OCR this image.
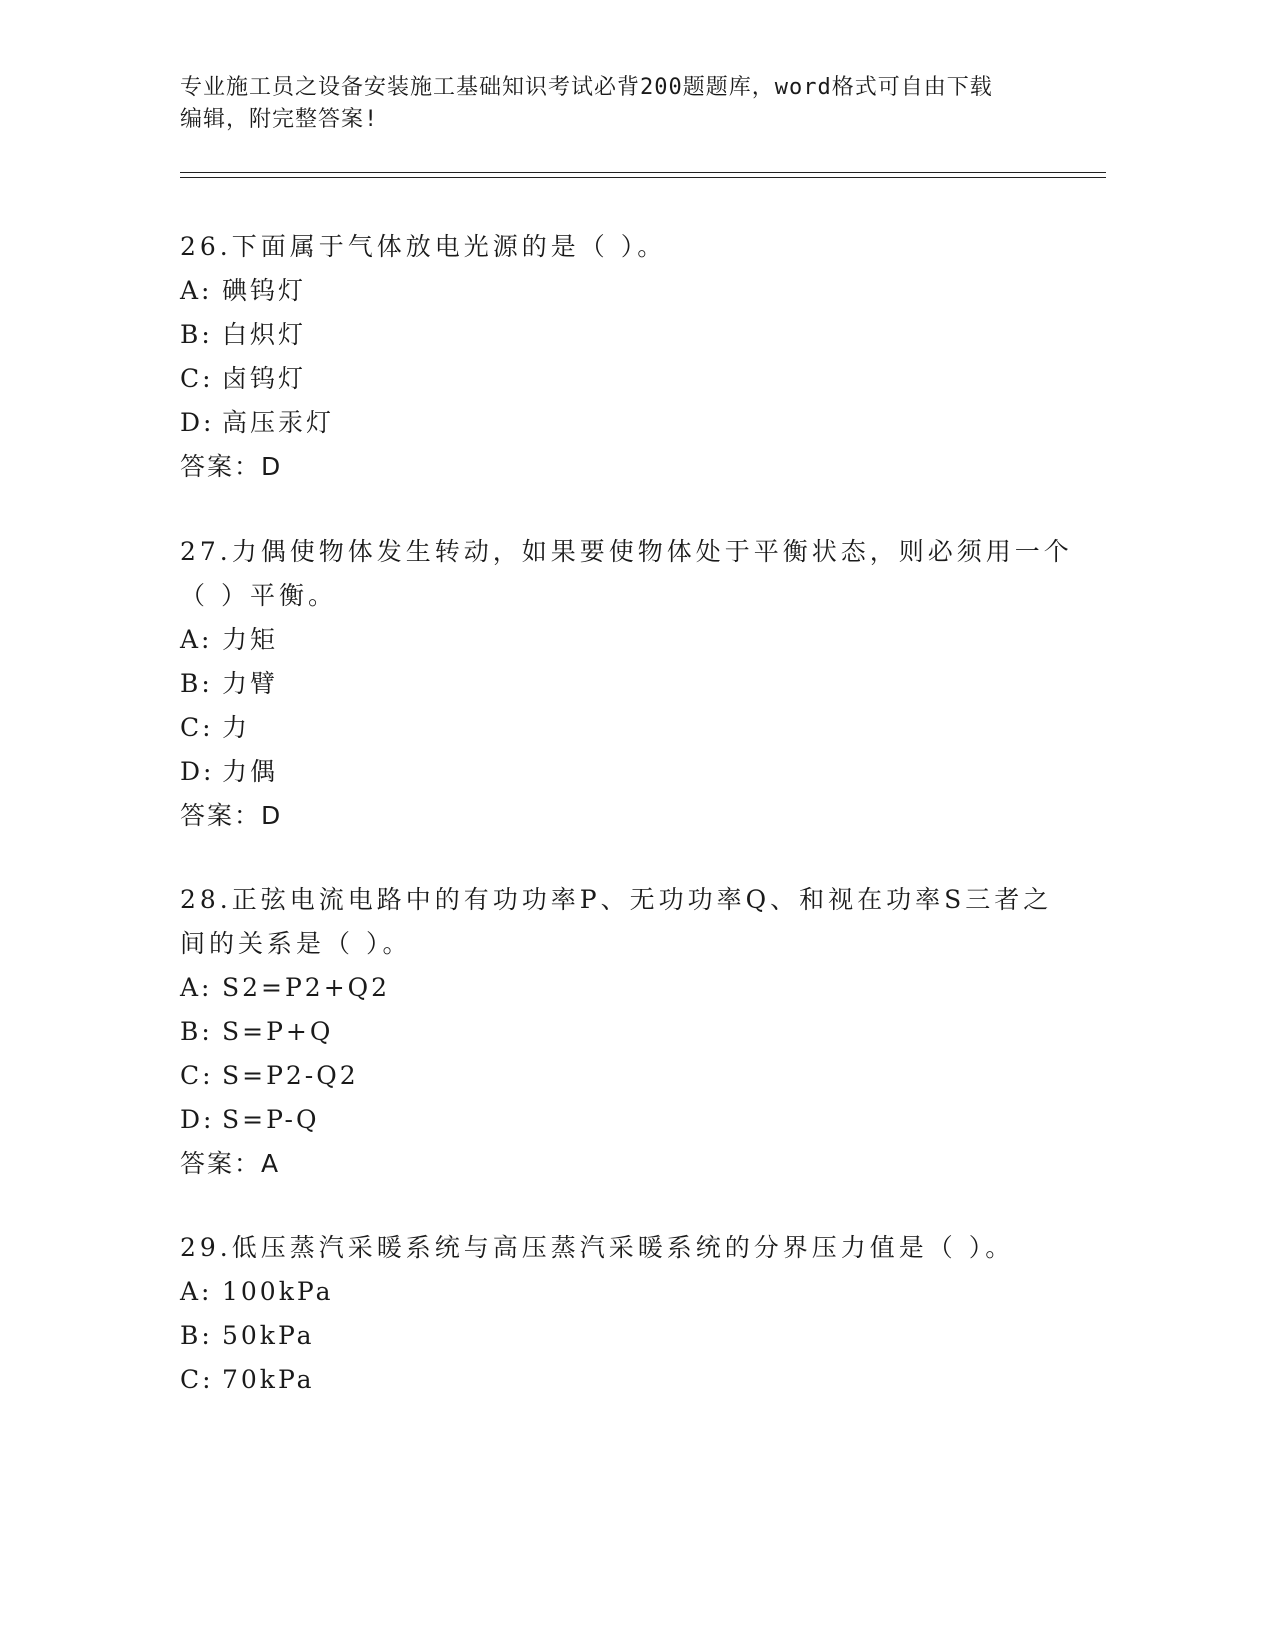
专业施工员之设备安装施工基础知识考试必背200题题库，word格式可自由下载
编辑，附完整答案!

26.下面属于气体放电光源的是（ ）。

A: 碘钨灯

B: 白炽灯

C: 卤钨灯

D: 高压汞灯

答案：D

27.力偶使物体发生转动，如果要使物体处于平衡状态，则必须用一个

（ ）平衡。

A: 力矩

B: 力臂

C: 力

D: 力偶

答案：D

28.正弦电流电路中的有功功率P、无功功率Q、和视在功率S三者之

间的关系是（ ）。

A: S2=P2+Q2

B: S=P+Q

C: S=P2-Q2

D: S=P-Q

答案：A

29.低压蒸汽采暖系统与高压蒸汽采暖系统的分界压力值是（ ）。

A: 100kPa

B: 50kPa

C: 70kPa
